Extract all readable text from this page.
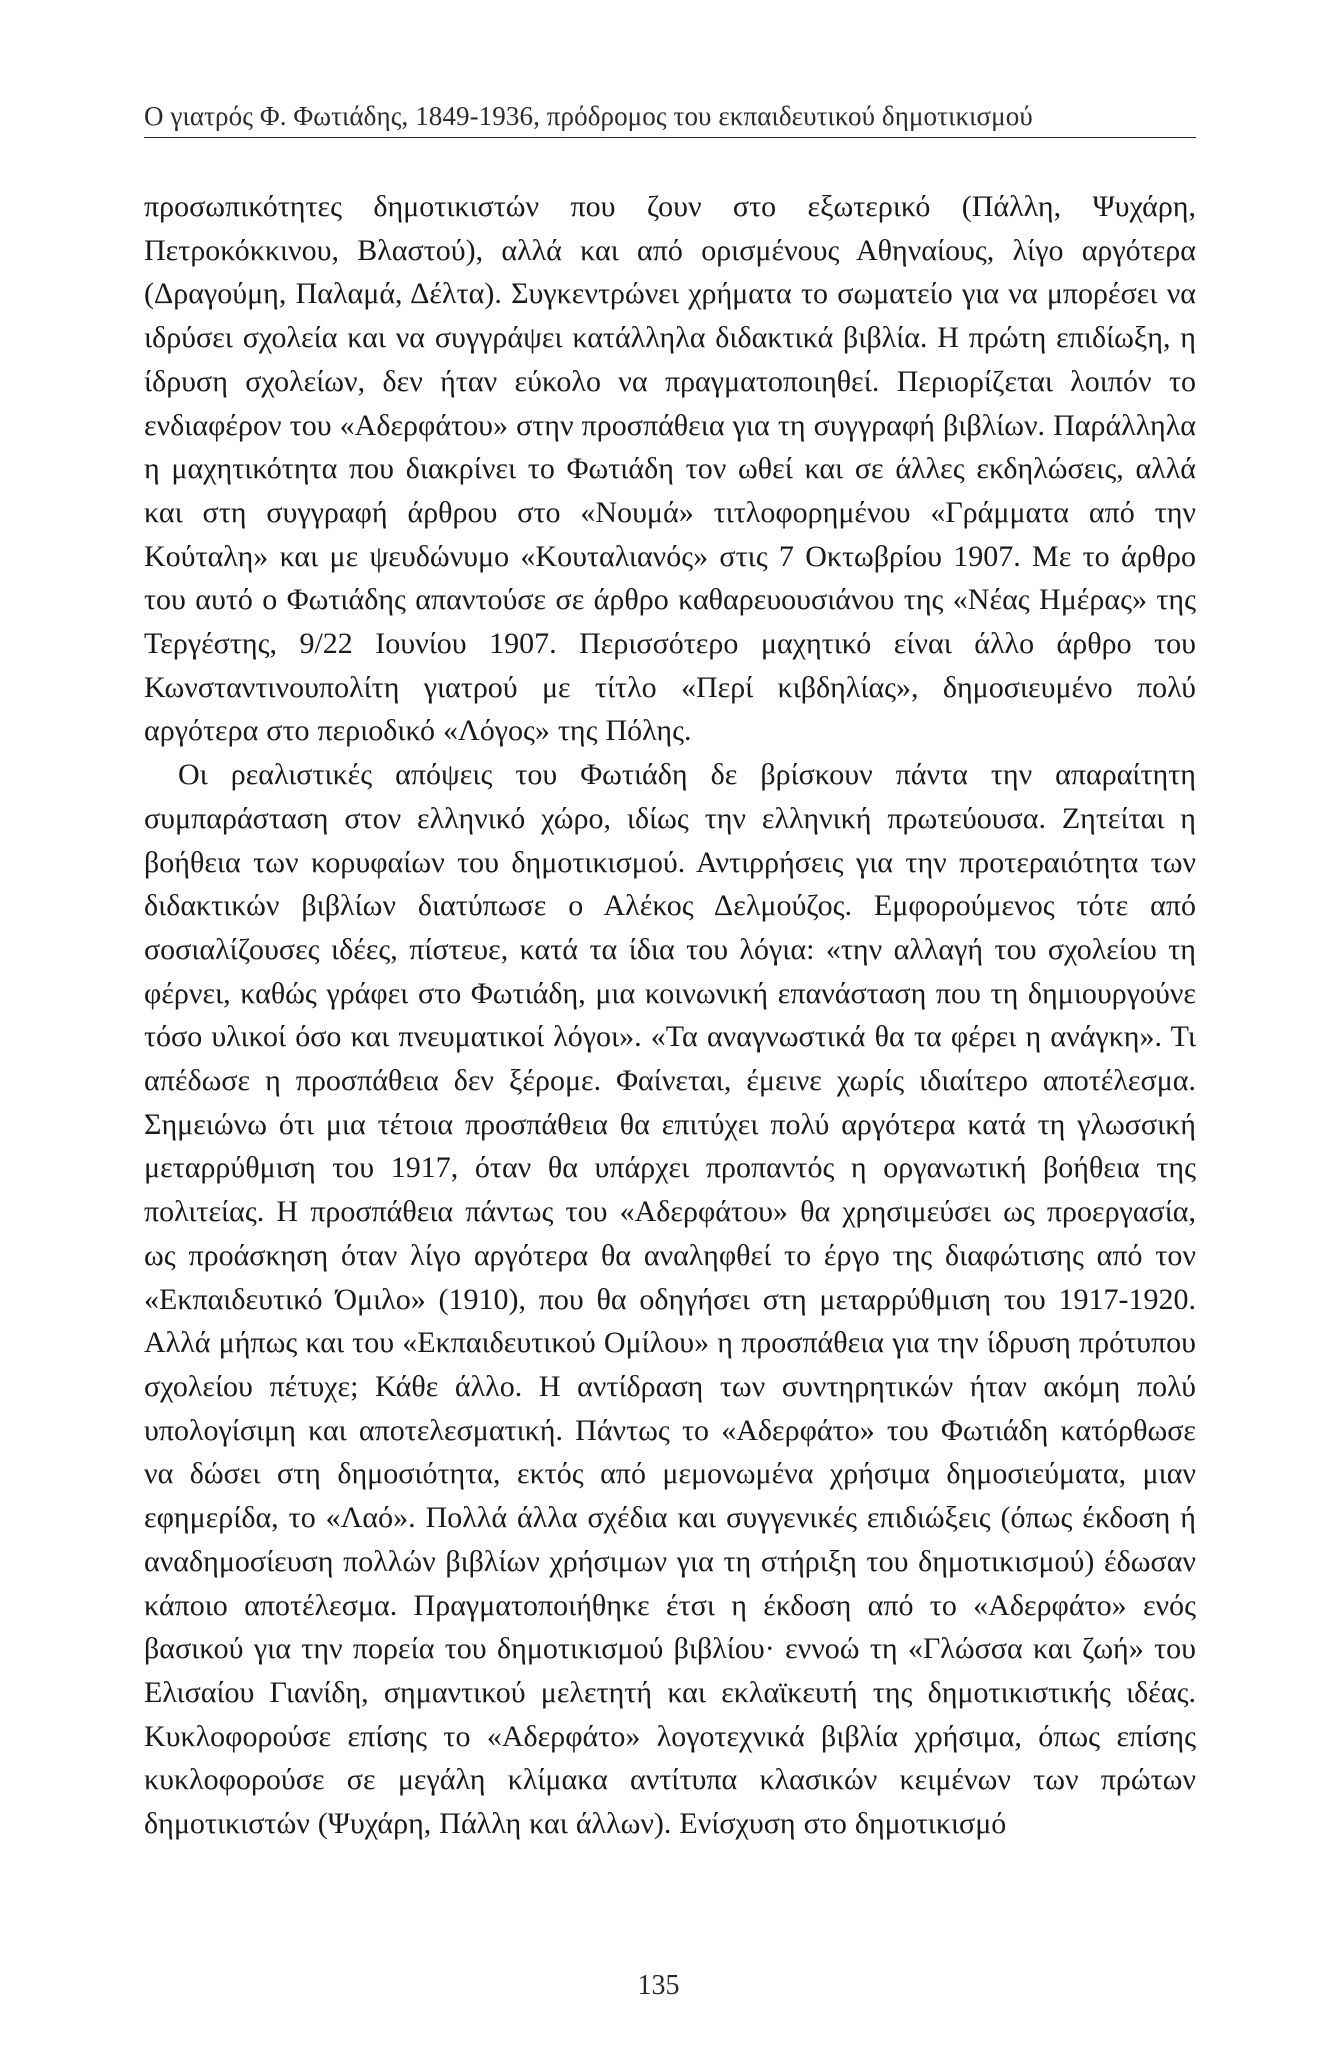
Ο γιατρός Φ. Φωτιάδης, 1849-1936, πρόδρομος του εκπαιδευτικού δημοτικισμού

προσωπικότητες δημοτικιστών που ζουν στο εξωτερικό (Πάλλη, Ψυχάρη, Πετροκόκκινου, Βλαστού), αλλά και από ορισμένους Αθηναίους, λίγο αργότερα (Δραγούμη, Παλαμά, Δέλτα). Συγκεντρώνει χρήματα το σωματείο για να μπορέσει να ιδρύσει σχολεία και να συγγράψει κατάλληλα διδακτικά βιβλία. Η πρώτη επιδίωξη, η ίδρυση σχολείων, δεν ήταν εύκολο να πραγματοποιηθεί. Περιορίζεται λοιπόν το ενδιαφέρον του «Αδερφάτου» στην προσπάθεια για τη συγγραφή βιβλίων. Παράλληλα η μαχητικότητα που διακρίνει το Φωτιάδη τον ωθεί και σε άλλες εκδηλώσεις, αλλά και στη συγγραφή άρθρου στο «Νουμά» τιτλοφορημένου «Γράμματα από την Κούταλη» και με ψευδώνυμο «Κουταλιανός» στις 7 Οκτωβρίου 1907. Με το άρθρο του αυτό ο Φωτιάδης απαντούσε σε άρθρο καθαρευουσιάνου της «Νέας Ημέρας» της Τεργέστης, 9/22 Ιουνίου 1907. Περισσότερο μαχητικό είναι άλλο άρθρο του Κωνσταντινουπολίτη γιατρού με τίτλο «Περί κιβδηλίας», δημοσιευμένο πολύ αργότερα στο περιοδικό «Λόγος» της Πόλης.

Οι ρεαλιστικές απόψεις του Φωτιάδη δε βρίσκουν πάντα την απαραίτητη συμπαράσταση στον ελληνικό χώρο, ιδίως την ελληνική πρωτεύουσα. Ζητείται η βοήθεια των κορυφαίων του δημοτικισμού. Αντιρρήσεις για την προτεραιότητα των διδακτικών βιβλίων διατύπωσε ο Αλέκος Δελμούζος. Εμφορούμενος τότε από σοσιαλίζουσες ιδέες, πίστευε, κατά τα ίδια του λόγια: «την αλλαγή του σχολείου τη φέρνει, καθώς γράφει στο Φωτιάδη, μια κοινωνική επανάσταση που τη δημιουργούνε τόσο υλικοί όσο και πνευματικοί λόγοι». «Τα αναγνωστικά θα τα φέρει η ανάγκη». Τι απέδωσε η προσπάθεια δεν ξέρομε. Φαίνεται, έμεινε χωρίς ιδιαίτερο αποτέλεσμα. Σημειώνω ότι μια τέτοια προσπάθεια θα επιτύχει πολύ αργότερα κατά τη γλωσσική μεταρρύθμιση του 1917, όταν θα υπάρχει προπαντός η οργανωτική βοήθεια της πολιτείας. Η προσπάθεια πάντως του «Αδερφάτου» θα χρησιμεύσει ως προεργασία, ως προάσκηση όταν λίγο αργότερα θα αναληφθεί το έργο της διαφώτισης από τον «Εκπαιδευτικό Όμιλο» (1910), που θα οδηγήσει στη μεταρρύθμιση του 1917-1920. Αλλά μήπως και του «Εκπαιδευτικού Ομίλου» η προσπάθεια για την ίδρυση πρότυπου σχολείου πέτυχε; Κάθε άλλο. Η αντίδραση των συντηρητικών ήταν ακόμη πολύ υπολογίσιμη και αποτελεσματική. Πάντως το «Αδερφάτο» του Φωτιάδη κατόρθωσε να δώσει στη δημοσιότητα, εκτός από μεμονωμένα χρήσιμα δημοσιεύματα, μιαν εφημερίδα, το «Λαό». Πολλά άλλα σχέδια και συγγενικές επιδιώξεις (όπως έκδοση ή αναδημοσίευση πολλών βιβλίων χρήσιμων για τη στήριξη του δημοτικισμού) έδωσαν κάποιο αποτέλεσμα. Πραγματοποιήθηκε έτσι η έκδοση από το «Αδερφάτο» ενός βασικού για την πορεία του δημοτικισμού βιβλίου· εννοώ τη «Γλώσσα και ζωή» του Ελισαίου Γιανίδη, σημαντικού μελετητή και εκλαϊκευτή της δημοτικιστικής ιδέας. Κυκλοφορούσε επίσης το «Αδερφάτο» λογοτεχνικά βιβλία χρήσιμα, όπως επίσης κυκλοφορούσε σε μεγάλη κλίμακα αντίτυπα κλασικών κειμένων των πρώτων δημοτικιστών (Ψυχάρη, Πάλλη και άλλων). Ενίσχυση στο δημοτικισμό

135
